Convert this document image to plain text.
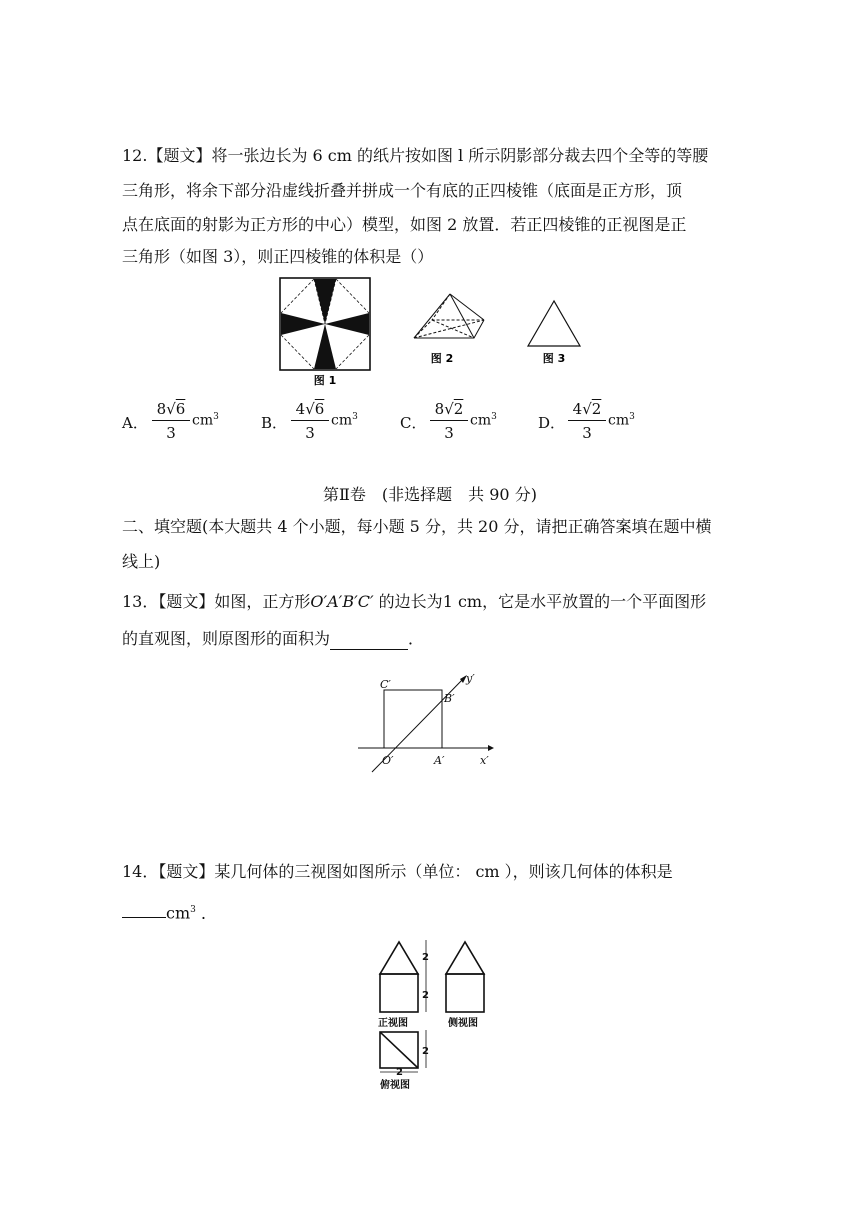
12.【题文】将一张边长为 6 cm 的纸片按如图 l 所示阴影部分裁去四个全等的等腰
三角形，将余下部分沿虚线折叠并拼成一个有底的正四棱锥（底面是正方形，顶
点在底面的射影为正方形的中心）模型，如图 2 放置．若正四棱锥的正视图是正
三角形（如图 3），则正四棱锥的体积是（）
图 1
图 2	图 3
A． $\frac{8√6}{3} cm^3$	B． $\frac{4√6}{3} cm^3$	C． $\frac{8√2}{3} cm^3$	D． $\frac{4√2}{3} cm^3$
第Ⅱ卷　(非选择题　共 90 分)
二、填空题(本大题共 4 个小题，每小题 5 分，共 20 分，请把正确答案填在题中横
线上)
13．【题文】如图，正方形O′A′B′C′ 的边长为1 cm，它是水平放置的一个平面图形
的直观图，则原图形的面积为	．
C′
B′
O′	A′	x′
y′
14．【题文】某几何体的三视图如图所示（单位： cm ），则该几何体的体积是
$cm^3$ ．
2
2
2
2
正视图	侧视图
俯视图
